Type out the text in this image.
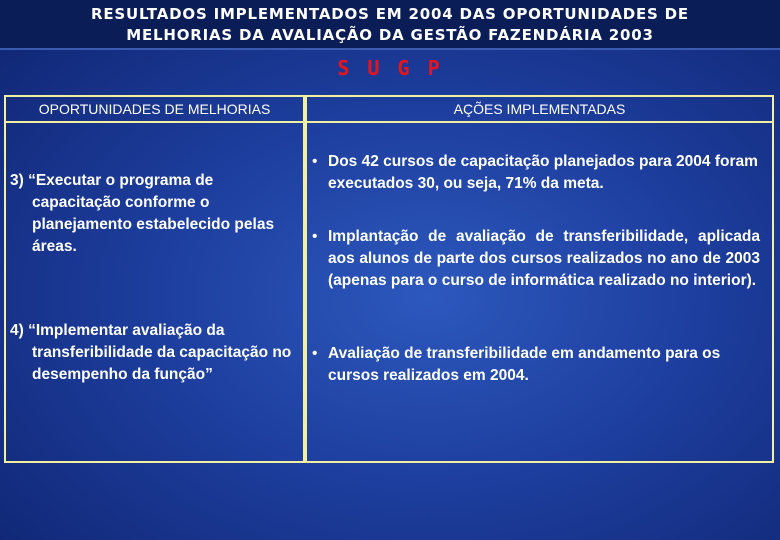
RESULTADOS IMPLEMENTADOS EM 2004 DAS OPORTUNIDADES DE
MELHORIAS DA AVALIAÇÃO DA GESTÃO FAZENDÁRIA 2003
S U G P
OPORTUNIDADES DE MELHORIAS	AÇÕES IMPLEMENTADAS
3) “Executar o programa de capacitação conforme o planejamento estabelecido pelas áreas.
4) “Implementar avaliação da transferibilidade da capacitação no desempenho da função”
• Dos 42 cursos de capacitação planejados para 2004 foram executados 30, ou seja, 71% da meta.
• Implantação de avaliação de transferibilidade, aplicada aos alunos de parte dos cursos realizados no ano de 2003 (apenas para o curso de informática realizado no interior).
• Avaliação de transferibilidade em andamento para os cursos realizados em 2004.
